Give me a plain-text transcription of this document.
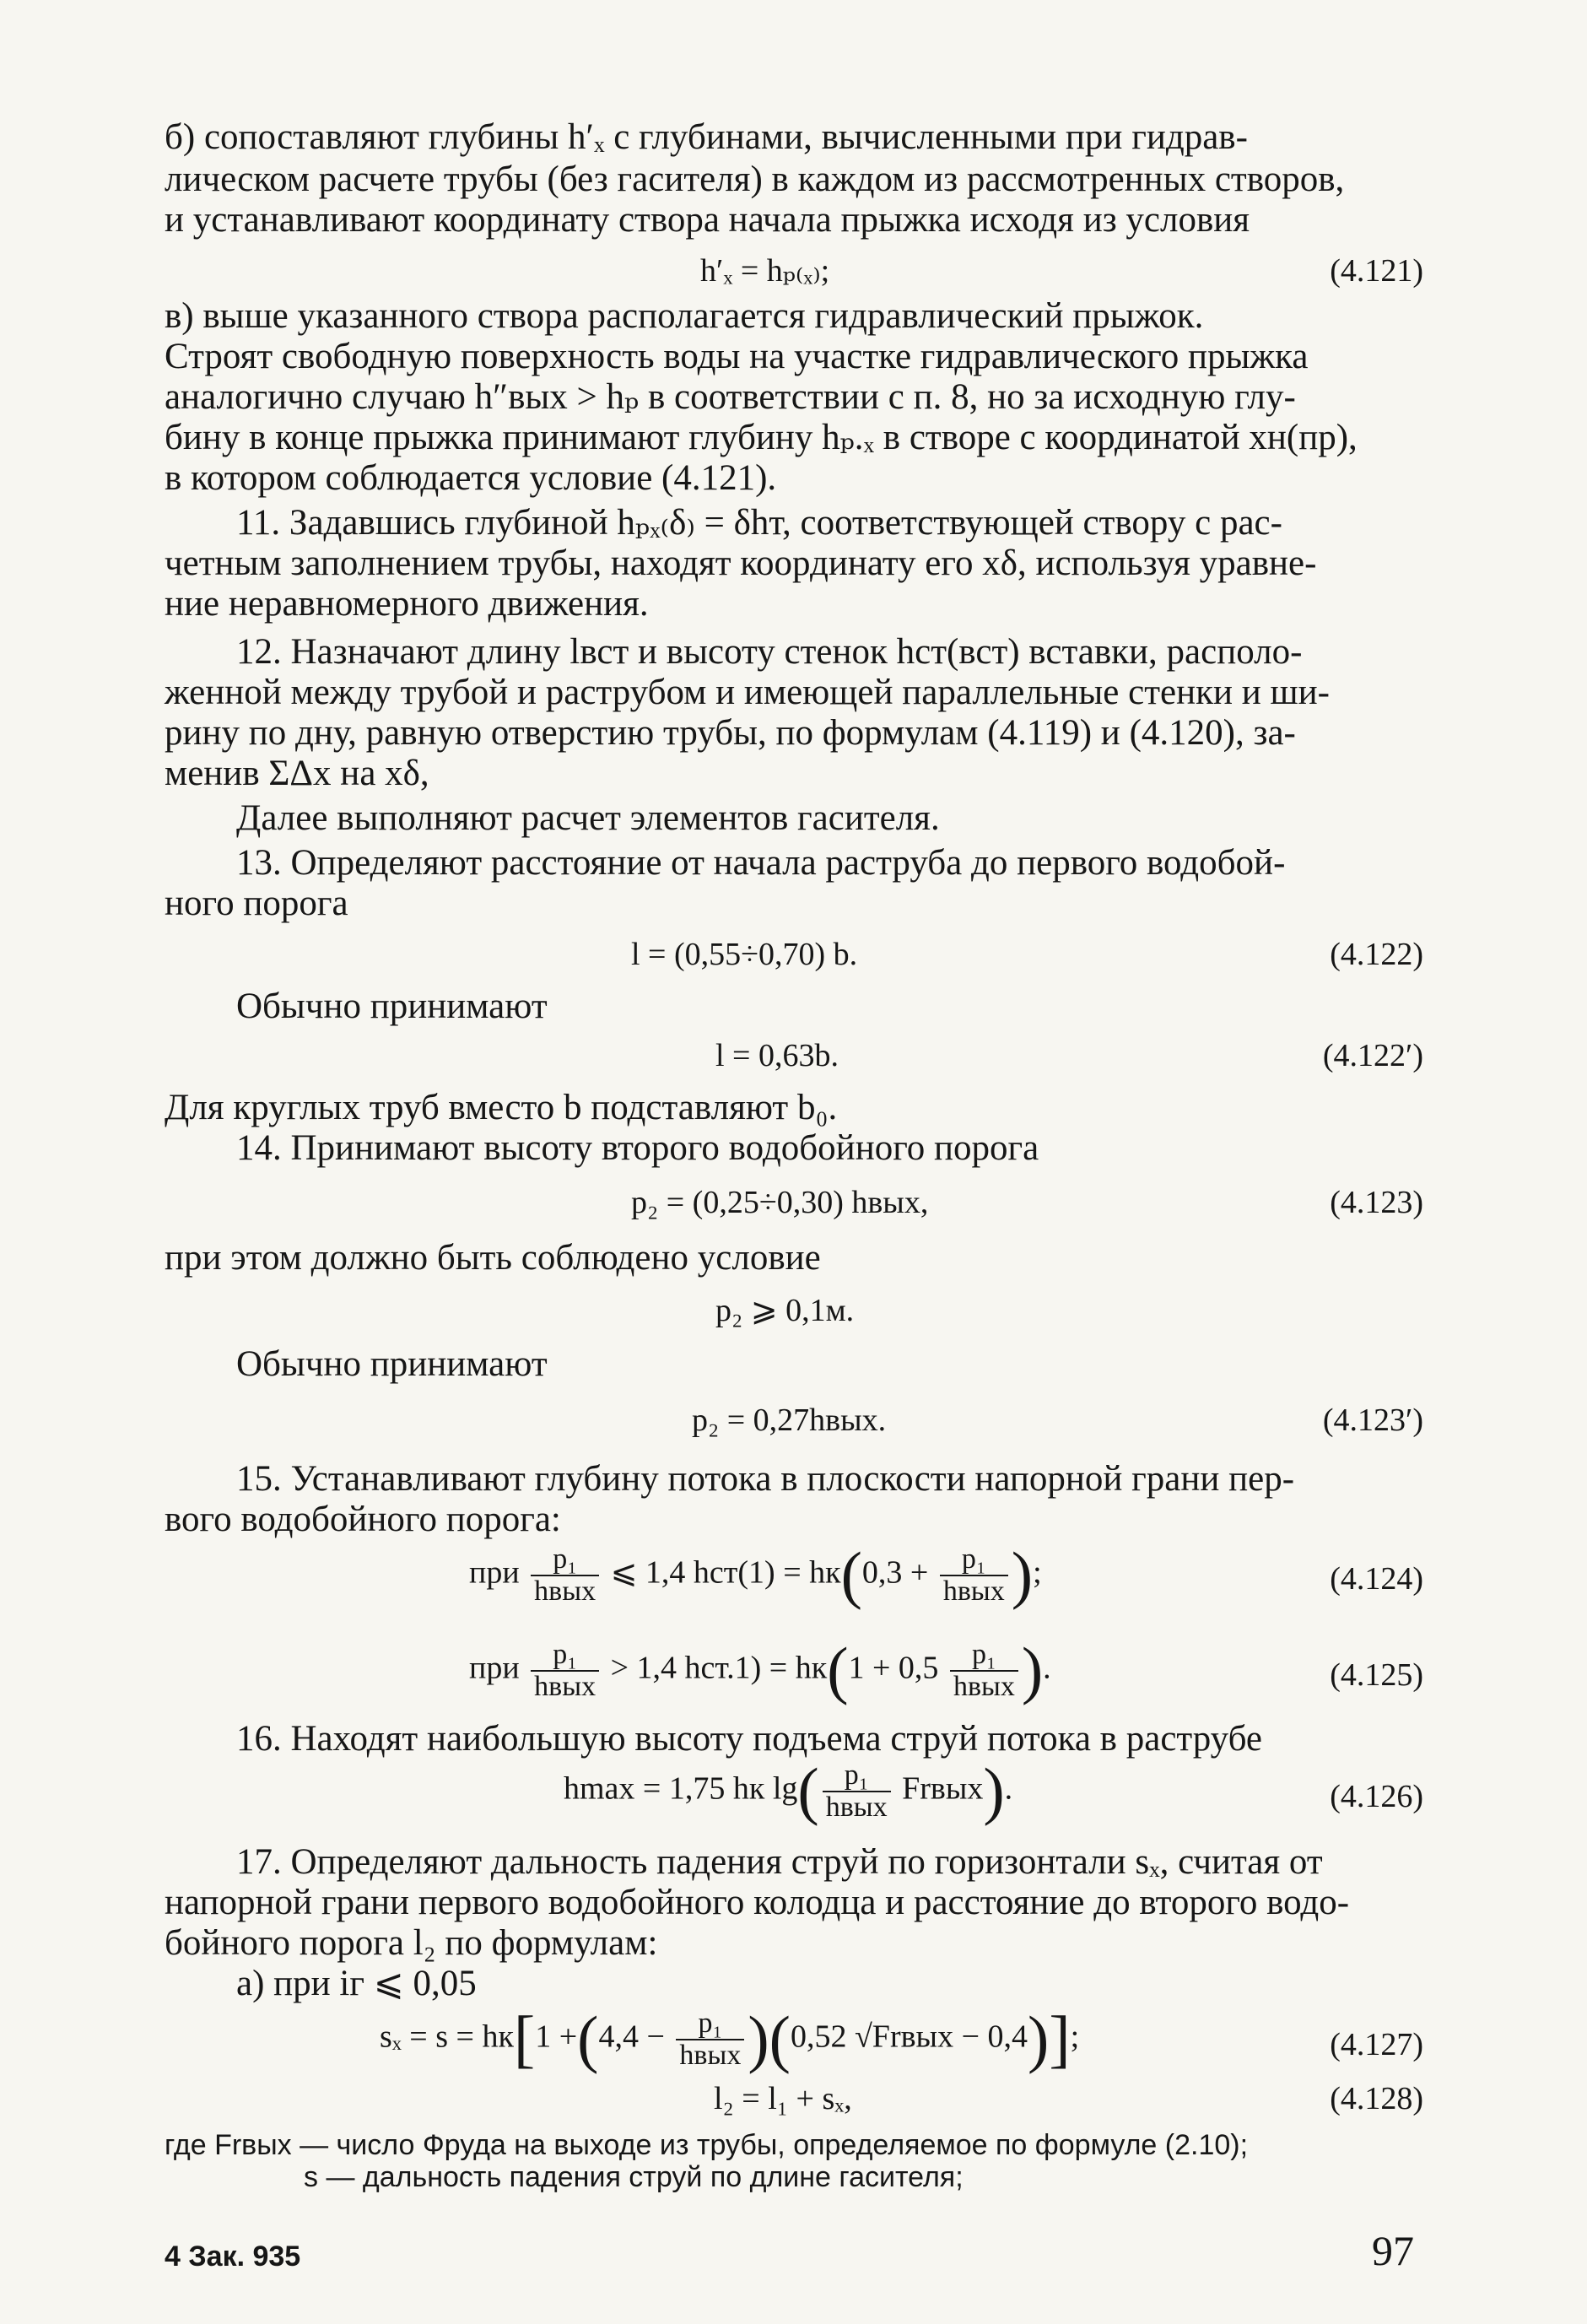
б) сопоставляют глубины h′ₓ с глубинами, вычисленными при гидрав-

лическом расчете трубы (без гасителя) в каждом из рассмотренных створов,

и устанавливают координату створа начала прыжка исходя из условия

h′ₓ = hₚ₍ₓ₎;	(4.121)

в) выше указанного створа располагается гидравлический прыжок.

Строят свободную поверхность воды на участке гидравлического прыжка

аналогично случаю h″вых > hₚ в соответствии с п. 8, но за исходную глу-

бину в конце прыжка принимают глубину hₚ.ₓ в створе с координатой xн(пр),

в котором соблюдается условие (4.121).

11. Задавшись глубиной hₚₓ₍δ₎ = δhт, соответствующей створу с рас-

четным заполнением трубы, находят координату его xδ, используя уравне-

ние неравномерного движения.

12. Назначают длину lвст и высоту стенок hст(вст) вставки, располо-

женной между трубой и раструбом и имеющей параллельные стенки и ши-

рину по дну, равную отверстию трубы, по формулам (4.119) и (4.120), за-

менив ΣΔx на xδ,

Далее выполняют расчет элементов гасителя.

13. Определяют расстояние от начала раструба до первого водобой-

ного порога

l = (0,55÷0,70) b.	(4.122)

Обычно принимают

l = 0,63b.	(4.122′)

Для круглых труб вместо b подставляют b₀.

14. Принимают высоту второго водобойного порога

p₂ = (0,25÷0,30) hвых,	(4.123)

при этом должно быть соблюдено условие

p₂ ⩾ 0,1м.

Обычно принимают

p₂ = 0,27hвых.	(4.123′)

15. Устанавливают глубину потока в плоскости напорной грани пер-

вого водобойного порога:

при $\frac{\text{p₁}}{\text{hвых}}$ ⩽ 1,4 $hст(1) = hк(0,3 + \frac{\text{p₁}}{\text{hвых}}$ );	(4.124)

при $\frac{\text{p₁}}{\text{hвых}} > 1,4$ $hст.1) = hк(1 + 0,5 \frac{\text{p₁}}{\text{hвых}}$ ).	(4.125)

16. Находят наибольшую высоту подъема струй потока в раструбе

hmax = 1,75 hк $\lg( \frac{\text{p₁}}{\text{hвых}}$ Frвых).	(4.126)

17. Определяют дальность падения струй по горизонтали sₓ, считая от

напорной грани первого водобойного колодца и расстояние до второго водо-

бойного порога l₂ по формулам:

а) при iг ⩽ 0,05

$s_x = s = hк[1 +(4,4 - \frac{\text{p₁}}{\text{hвых}} )(0,52$ √Frвых − 0,4)];	(4.127)

l₂ = l₁ + sₓ,	(4.128)

где Frвых — число Фруда на выходе из трубы, определяемое по формуле (2.10);

s — дальность падения струй по длине гасителя;

4 Зак. 935	97
